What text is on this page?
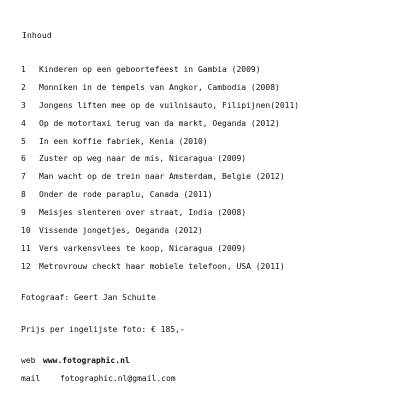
Inhoud
1	Kinderen op een geboortefeest in Gambia (2009)
2	Monniken in de tempels van Angkor, Cambodia (2008)
3	Jongens liften mee op de vuilnisauto, Filipijnen(2011)
4	Op de motortaxi terug van da markt, Oeganda (2012)
5	In een koffie fabriek, Kenia (2010)
6	Zuster op weg naar de mis, Nicaragua (2009)
7	Man wacht op de trein naar Amsterdam, Belgie (2012)
8	Onder de rode paraplu, Canada (2011)
9	Meisjes slenteren over straat, India (2008)
10	Vissende jongetjes, Oeganda (2012)
11	Vers varkensvlees te koop, Nicaragua (2009)
12	Metrovrouw checkt haar mobiele telefoon, USA (2011)
Fotograaf: Geert Jan Schuite
Prijs per ingelijste foto: € 185,-
web www.fotographic.nl
mail fotographic.nl@gmail.com
